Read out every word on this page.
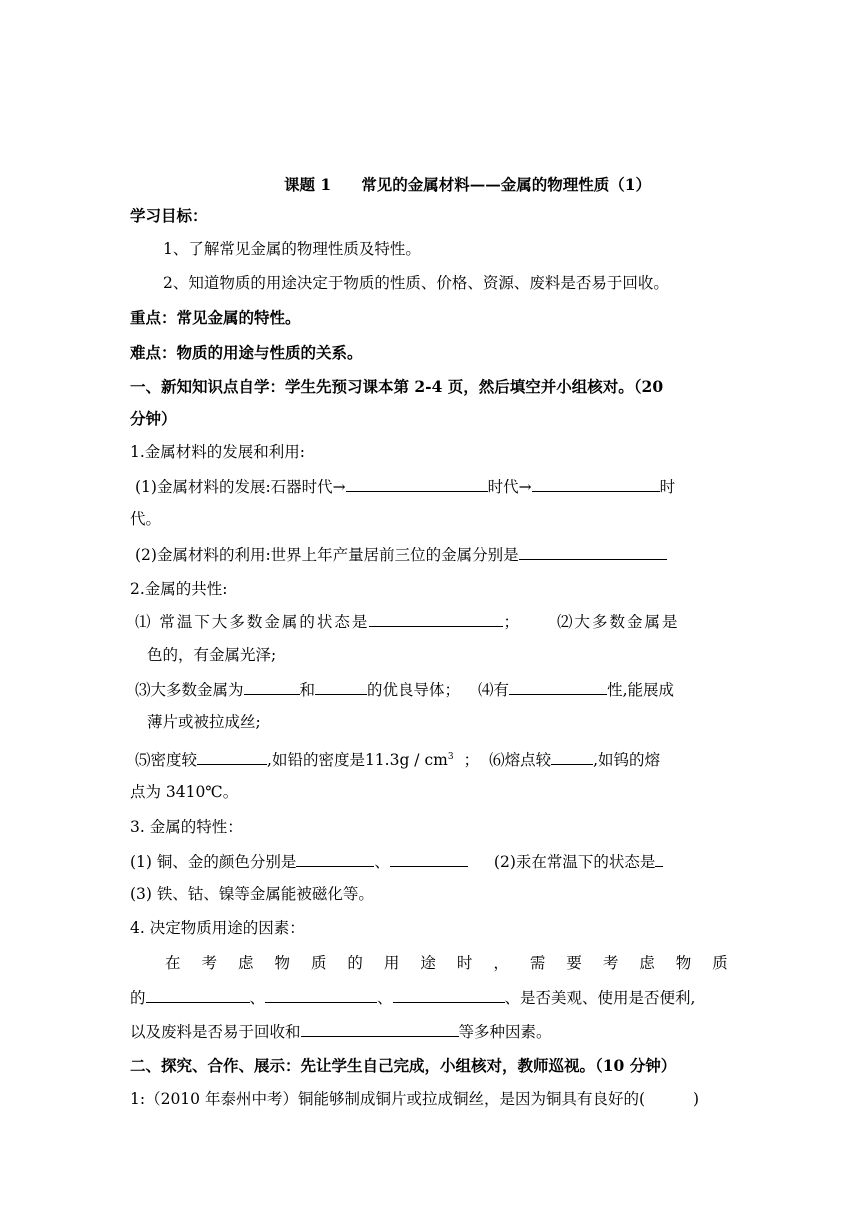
课题 1 常见的金属材料——金属的物理性质（1）
学习目标：
1、了解常见金属的物理性质及特性。
2、知道物质的用途决定于物质的性质、价格、资源、废料是否易于回收。
重点：常见金属的特性。
难点：物质的用途与性质的关系。
一、新知知识点自学：学生先预习课本第 2-4 页，然后填空并小组核对。（20
分钟）
1.金属材料的发展和利用:
(1)金属材料的发展:石器时代→	时代→	时
代。
(2)金属材料的利用:世界上年产量居前三位的金属分别是
2.金属的共性:
⑴ 常温下大多数金属的状态是	； ⑵大多数金属是
色的，有金属光泽;
⑶大多数金属为	和	的优良导体； ⑷有	性,能展成
薄片或被拉成丝;
⑸密度较	,如铅的密度是$11.3g / cm^3$ ； ⑹熔点较	,如钨的熔
点为 3410℃。
3. 金属的特性：
(1) 铜、金的颜色分别是	、	(2)汞在常温下的状态是
(3) 铁、钴、镍等金属能被磁化等。
4. 决定物质用途的因素：
在 考 虑 物 质 的 用 途 时 ， 需 要 考 虑 物 质
的	、	、	、是否美观、使用是否便利,
以及废料是否易于回收和	等多种因素。
二、探究、合作、展示：先让学生自己完成，小组核对，教师巡视。（10 分钟）
1:（2010 年泰州中考）铜能够制成铜片或拉成铜丝，是因为铜具有良好的(	)
